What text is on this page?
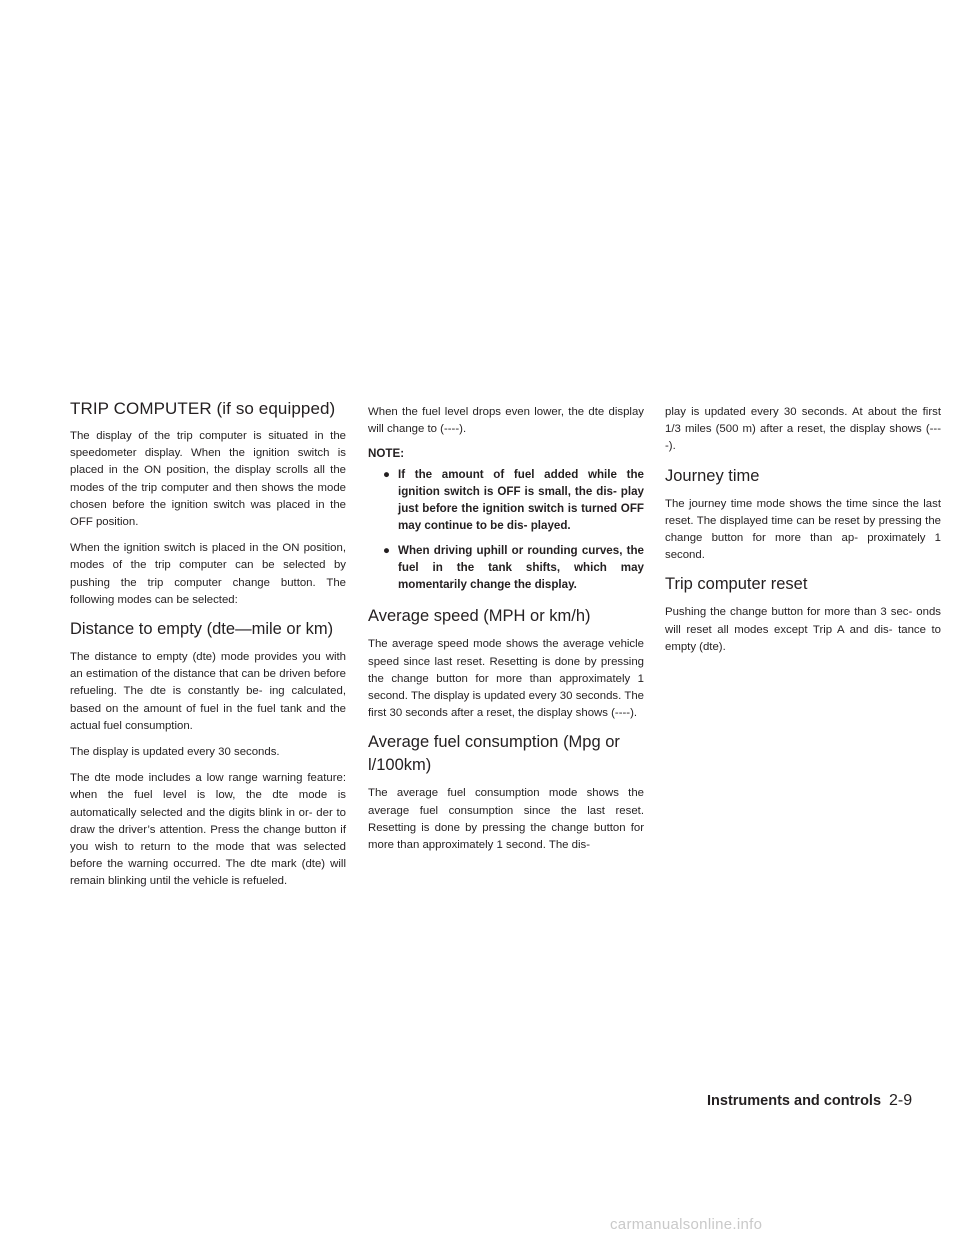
TRIP COMPUTER (if so equipped)

The display of the trip computer is situated in the speedometer display. When the ignition switch is placed in the ON position, the display scrolls all the modes of the trip computer and then shows the mode chosen before the ignition switch was placed in the OFF position.

When the ignition switch is placed in the ON position, modes of the trip computer can be selected by pushing the trip computer change button. The following modes can be selected:

Distance to empty (dte—mile or km)

The distance to empty (dte) mode provides you with an estimation of the distance that can be driven before refueling. The dte is constantly be- ing calculated, based on the amount of fuel in the fuel tank and the actual fuel consumption.

The display is updated every 30 seconds.

The dte mode includes a low range warning feature: when the fuel level is low, the dte mode is automatically selected and the digits blink in or- der to draw the driver’s attention. Press the change button if you wish to return to the mode that was selected before the warning occurred. The dte mark (dte) will remain blinking until the vehicle is refueled.

When the fuel level drops even lower, the dte display will change to (----).

NOTE:
● If the amount of fuel added while the ignition switch is OFF is small, the dis- play just before the ignition switch is turned OFF may continue to be dis- played.
● When driving uphill or rounding curves, the fuel in the tank shifts, which may momentarily change the display.
Average speed (MPH or km/h)

The average speed mode shows the average vehicle speed since last reset. Resetting is done by pressing the change button for more than approximately 1 second. The display is updated every 30 seconds. The first 30 seconds after a reset, the display shows (----).

Average fuel consumption (Mpg or l/100km)

The average fuel consumption mode shows the average fuel consumption since the last reset. Resetting is done by pressing the change button for more than approximately 1 second. The dis-

play is updated every 30 seconds. At about the first 1/3 miles (500 m) after a reset, the display shows (----).

Journey time

The journey time mode shows the time since the last reset. The displayed time can be reset by pressing the change button for more than ap- proximately 1 second.

Trip computer reset

Pushing the change button for more than 3 sec- onds will reset all modes except Trip A and dis- tance to empty (dte).

Instruments and controls 2-9
carmanualsonline.info
